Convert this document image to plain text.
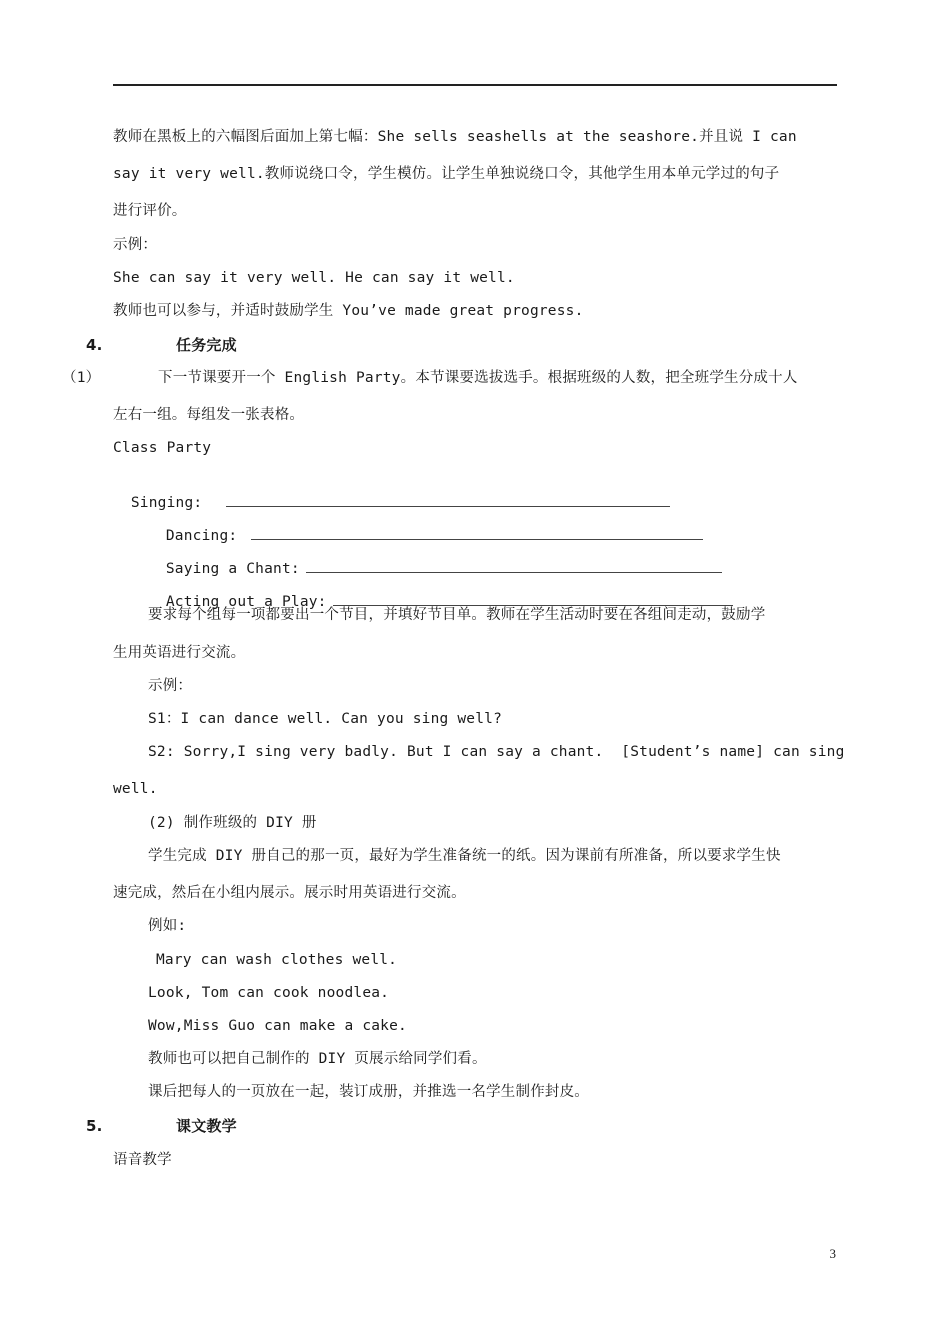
教师在黑板上的六幅图后面加上第七幅：She sells seashells at the seashore.并且说 I can
say it very well.教师说绕口令，学生模仿。让学生单独说绕口令，其他学生用本单元学过的句子
进行评价。
示例：
She can say it very well. He can say it well.
教师也可以参与，并适时鼓励学生 You’ve made great progress.
4.	任务完成
（1）	下一节课要开一个 English Party。本节课要选拔选手。根据班级的人数，把全班学生分成十人
左右一组。每组发一张表格。
Class Party

Singing:

Dancing:

Saying a Chant:

Acting out a Play:

要求每个组每一项都要出一个节目，并填好节目单。教师在学生活动时要在各组间走动，鼓励学
生用英语进行交流。
示例：
S1：I can dance well. Can you sing well?
S2: Sorry,I sing very badly. But I can say a chant.  [Student’s name] can sing
well.
(2) 制作班级的 DIY 册
学生完成 DIY 册自己的那一页，最好为学生准备统一的纸。因为课前有所准备，所以要求学生快
速完成，然后在小组内展示。展示时用英语进行交流。
例如:
Mary can wash clothes well.
Look, Tom can cook noodlea.
Wow,Miss Guo can make a cake.
教师也可以把自己制作的 DIY 页展示给同学们看。
课后把每人的一页放在一起，装订成册，并推选一名学生制作封皮。
5.	课文教学
语音教学
3
